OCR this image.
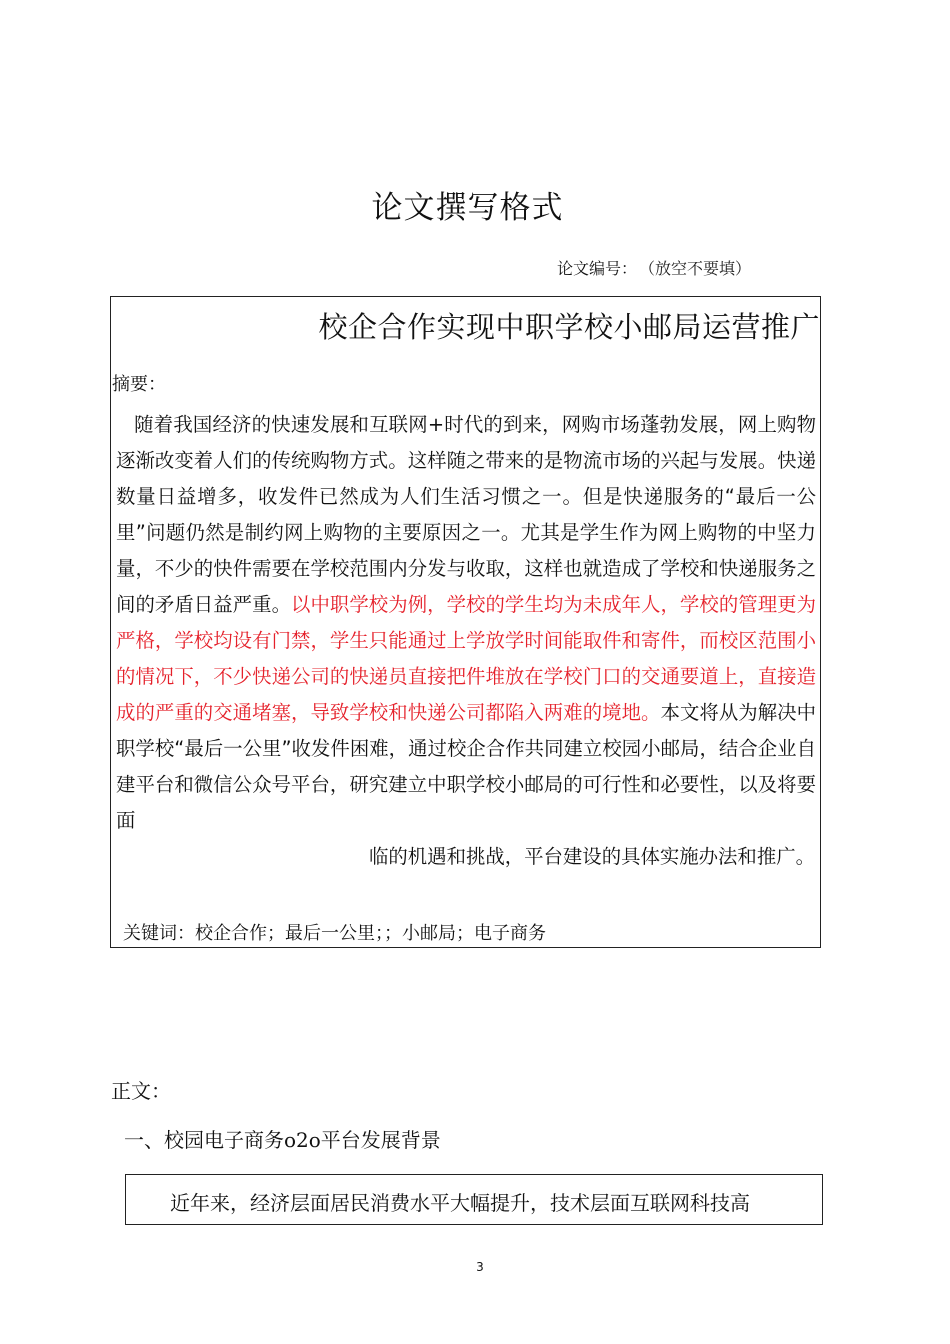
论文撰写格式
论文编号： （放空不要填）
校企合作实现中职学校小邮局运营推广
摘要：
随着我国经济的快速发展和互联网+时代的到来，网购市场蓬勃发展，网上购物逐渐改变着人们的传统购物方式。这样随之带来的是物流市场的兴起与发展。快递数量日益增多，收发件已然成为人们生活习惯之一。但是快递服务的“最后一公里”问题仍然是制约网上购物的主要原因之一。尤其是学生作为网上购物的中坚力量，不少的快件需要在学校范围内分发与收取，这样也就造成了学校和快递服务之间的矛盾日益严重。以中职学校为例，学校的学生均为未成年人，学校的管理更为严格，学校均设有门禁，学生只能通过上学放学时间能取件和寄件，而校区范围小的情况下，不少快递公司的快递员直接把件堆放在学校门口的交通要道上，直接造成的严重的交通堵塞，导致学校和快递公司都陷入两难的境地。本文将从为解决中职学校“最后一公里”收发件困难，通过校企合作共同建立校园小邮局，结合企业自建平台和微信公众号平台，研究建立中职学校小邮局的可行性和必要性，以及将要面
临的机遇和挑战，平台建设的具体实施办法和推广。
关键词：校企合作；最后一公里；；小邮局；电子商务
正文：
一、校园电子商务o2o平台发展背景
近年来，经济层面居民消费水平大幅提升，技术层面互联网科技高
3
